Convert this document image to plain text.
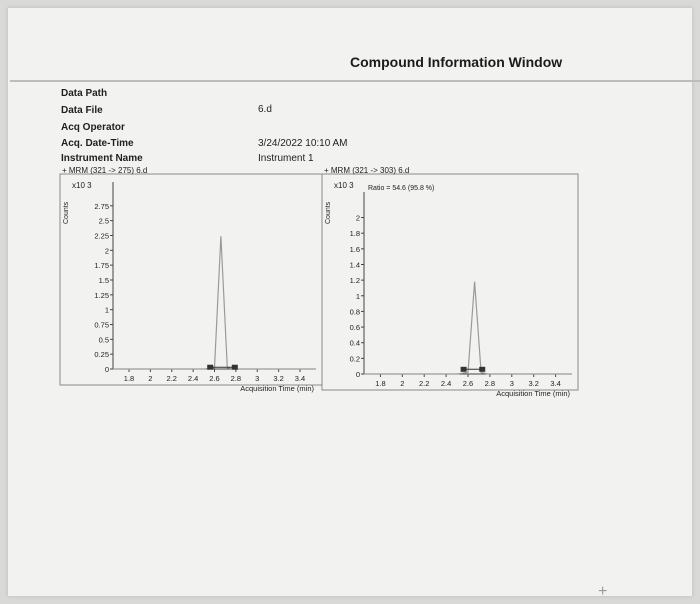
Compound Information Window
Data Path
Data File	6.d
Acq Operator
Acq. Date-Time	3/24/2022 10:10 AM
Instrument Name	Instrument 1
+ MRM (321 -> 275) 6.d
x10 3
Counts	2.75
2.5
2.25
2
1.75
1.5
1.25
1
0.75
0.5
0.25
0
1.8 2 2.2 2.4 2.6 2.8 3 3.2 3.4
Acquisition Time (min)
+ MRM (321 -> 303) 6.d
x10 3
Counts
Ratio = 54.6 (95.8 %)
2
1.8
1.6
1.4
1.2
1
0.8
0.6
0.4
0.2
0
1.8 2 2.2 2.4 2.6 2.8 3 3.2 3.4
Acquisition Time (min)
+
